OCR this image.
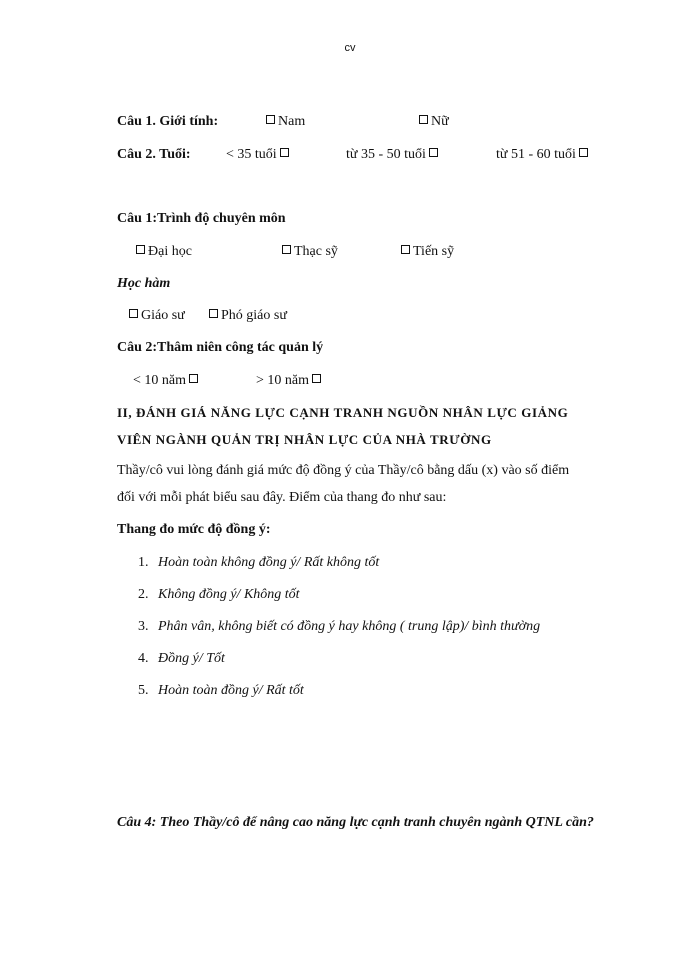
cv
Câu 1. Giới tính:	Nam	Nữ
Câu 2. Tuổi:	< 35 tuổi	từ 35 - 50 tuổi	từ 51 - 60 tuổi
Câu 1:Trình độ chuyên môn
Đại học	Thạc sỹ	Tiến sỹ
Học hàm
Giáo sư	Phó giáo sư
Câu 2:Thâm niên công tác quản lý
< 10 năm	> 10 năm
II, ĐÁNH GIÁ NĂNG LỰC CẠNH TRANH NGUỒN NHÂN LỰC GIẢNG
VIÊN NGÀNH QUẢN TRỊ NHÂN LỰC CỦA NHÀ TRƯỜNG
Thầy/cô vui lòng đánh giá mức độ đồng ý của Thầy/cô bằng dấu (x) vào số điểm
đối với mỗi phát biểu sau đây. Điểm của thang đo như sau:
Thang đo mức độ đồng ý:
1. Hoàn toàn không đồng ý/ Rất không tốt
2. Không đồng ý/ Không tốt
3. Phân vân, không biết có đồng ý hay không ( trung lập)/ bình thường
4. Đồng ý/ Tốt
5. Hoàn toàn đồng ý/ Rất tốt
Câu 4: Theo Thầy/cô để nâng cao năng lực cạnh tranh chuyên ngành QTNL cần?
